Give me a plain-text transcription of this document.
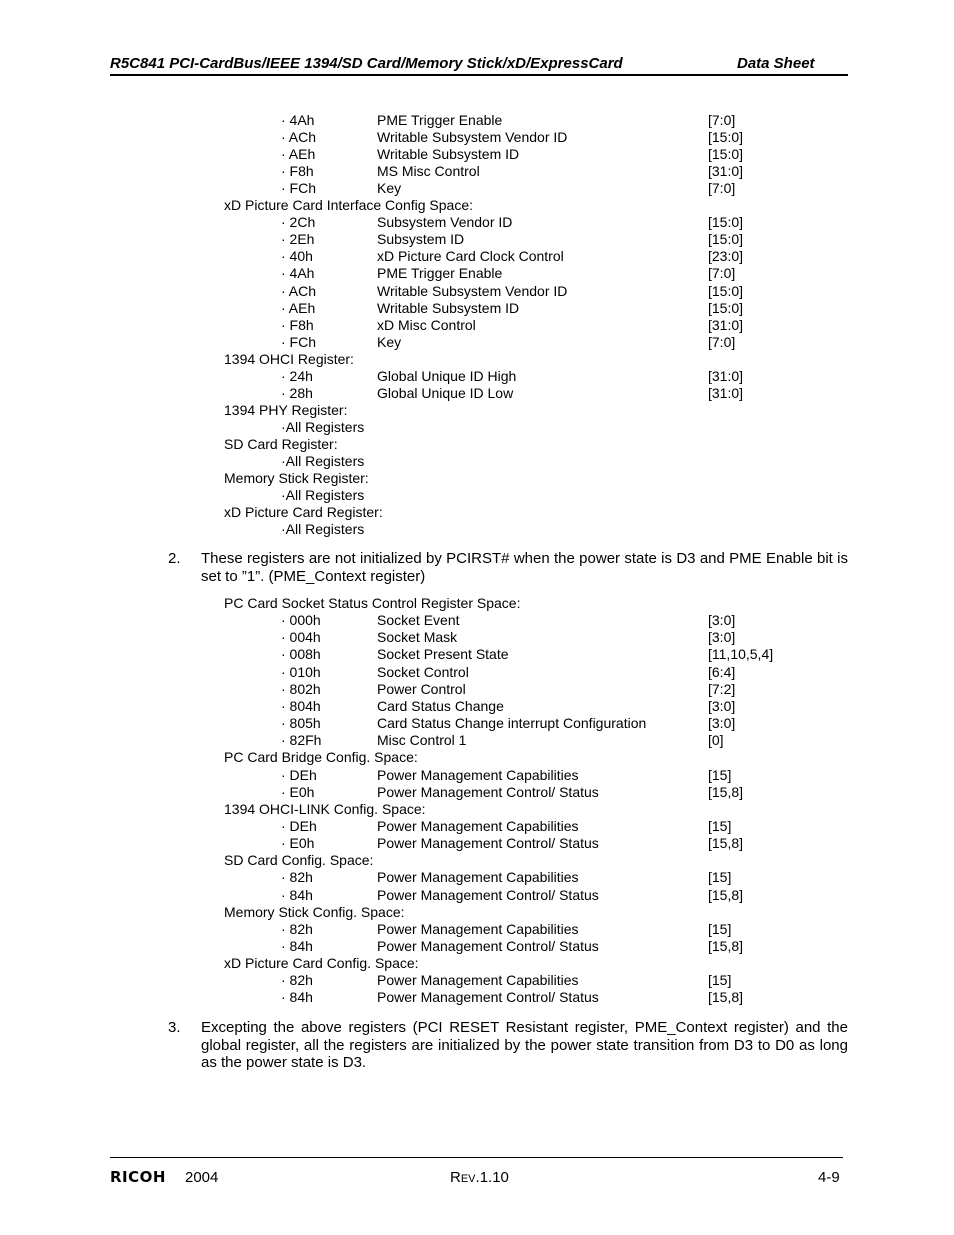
R5C841 PCI-CardBus/IEEE 1394/SD Card/Memory Stick/xD/ExpressCard	Data Sheet
· 4Ah	PME Trigger Enable	[7:0]
· ACh	Writable Subsystem Vendor ID	[15:0]
· AEh	Writable Subsystem ID	[15:0]
· F8h	MS Misc Control	[31:0]
· FCh	Key	[7:0]
xD Picture Card Interface Config Space:
· 2Ch	Subsystem Vendor ID	[15:0]
· 2Eh	Subsystem ID	[15:0]
· 40h	xD Picture Card Clock Control	[23:0]
· 4Ah	PME Trigger Enable	[7:0]
· ACh	Writable Subsystem Vendor ID	[15:0]
· AEh	Writable Subsystem ID	[15:0]
· F8h	xD Misc Control	[31:0]
· FCh	Key	[7:0]
1394 OHCI Register:
· 24h	Global Unique ID High	[31:0]
· 28h	Global Unique ID Low	[31:0]
1394 PHY Register:
·All Registers
SD Card Register:
·All Registers
Memory Stick Register:
·All Registers
xD Picture Card Register:
·All Registers
2. These registers are not initialized by PCIRST# when the power state is D3 and PME Enable bit is set to ”1”. (PME_Context register)
PC Card Socket Status Control Register Space:
· 000h	Socket Event	[3:0]
· 004h	Socket Mask	[3:0]
· 008h	Socket Present State	[11,10,5,4]
· 010h	Socket Control	[6:4]
· 802h	Power Control	[7:2]
· 804h	Card Status Change	[3:0]
· 805h	Card Status Change interrupt Configuration	[3:0]
· 82Fh	Misc Control 1	[0]
PC Card Bridge Config. Space:
· DEh	Power Management Capabilities	[15]
· E0h	Power Management Control/ Status	[15,8]
1394 OHCI-LINK Config. Space:
· DEh	Power Management Capabilities	[15]
· E0h	Power Management Control/ Status	[15,8]
SD Card Config. Space:
· 82h	Power Management Capabilities	[15]
· 84h	Power Management Control/ Status	[15,8]
Memory Stick Config. Space:
· 82h	Power Management Capabilities	[15]
· 84h	Power Management Control/ Status	[15,8]
xD Picture Card Config. Space:
· 82h	Power Management Capabilities	[15]
· 84h	Power Management Control/ Status	[15,8]
3. Excepting the above registers (PCI RESET Resistant register, PME_Context register) and the global register, all the registers are initialized by the power state transition from D3 to D0 as long as the power state is D3.
RICOH 2004	REV.1.10	4-9
